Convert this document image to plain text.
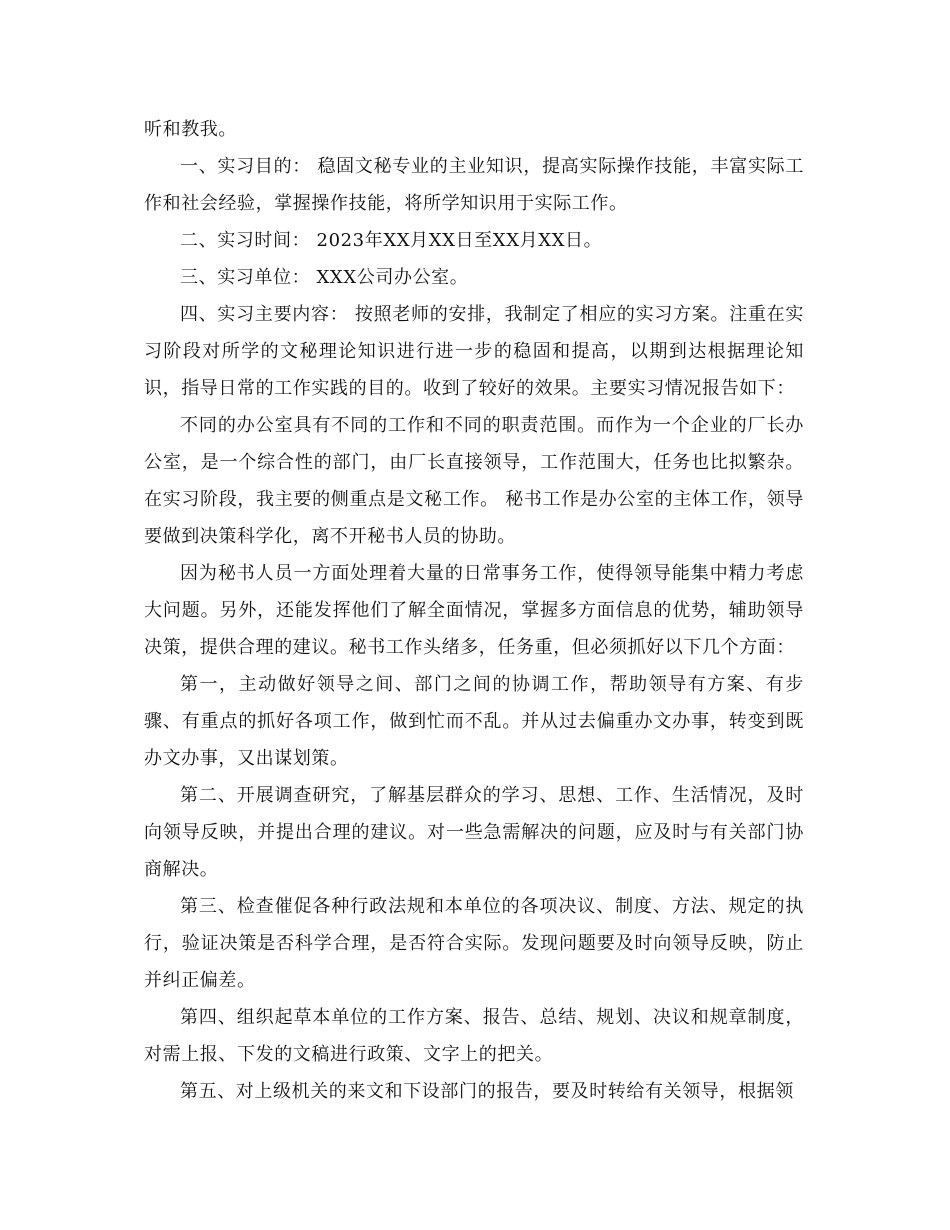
听和教我。

一、实习目的： 稳固文秘专业的主业知识，提高实际操作技能，丰富实际工作和社会经验，掌握操作技能，将所学知识用于实际工作。

二、实习时间： 2023年XX月XX日至XX月XX日。

三、实习单位： XXX公司办公室。

四、实习主要内容： 按照老师的安排，我制定了相应的实习方案。注重在实习阶段对所学的文秘理论知识进行进一步的稳固和提高，以期到达根据理论知识，指导日常的工作实践的目的。收到了较好的效果。主要实习情况报告如下：

不同的办公室具有不同的工作和不同的职责范围。而作为一个企业的厂长办公室，是一个综合性的部门，由厂长直接领导，工作范围大，任务也比拟繁杂。在实习阶段，我主要的侧重点是文秘工作。 秘书工作是办公室的主体工作，领导要做到决策科学化，离不开秘书人员的协助。

因为秘书人员一方面处理着大量的日常事务工作，使得领导能集中精力考虑大问题。另外，还能发挥他们了解全面情况，掌握多方面信息的优势，辅助领导决策，提供合理的建议。秘书工作头绪多，任务重，但必须抓好以下几个方面：

第一，主动做好领导之间、部门之间的协调工作，帮助领导有方案、有步骤、有重点的抓好各项工作，做到忙而不乱。并从过去偏重办文办事，转变到既办文办事，又出谋划策。

第二、开展调查研究，了解基层群众的学习、思想、工作、生活情况，及时向领导反映，并提出合理的建议。对一些急需解决的问题，应及时与有关部门协商解决。

第三、检查催促各种行政法规和本单位的各项决议、制度、方法、规定的执行，验证决策是否科学合理，是否符合实际。发现问题要及时向领导反映，防止并纠正偏差。

第四、组织起草本单位的工作方案、报告、总结、规划、决议和规章制度，对需上报、下发的文稿进行政策、文字上的把关。

第五、对上级机关的来文和下设部门的报告，要及时转给有关领导，根据领
